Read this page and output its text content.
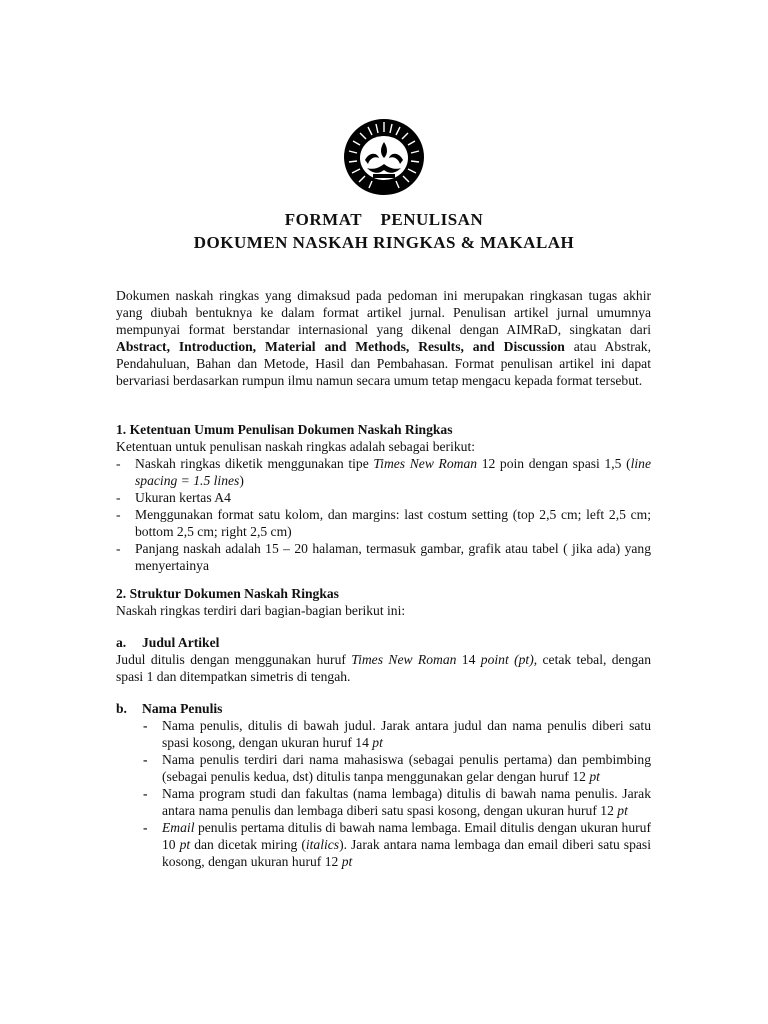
FORMAT PENULISAN
DOKUMEN NASKAH RINGKAS & MAKALAH
Dokumen naskah ringkas yang dimaksud pada pedoman ini merupakan ringkasan tugas akhir yang diubah bentuknya ke dalam format artikel jurnal. Penulisan artikel jurnal umumnya mempunyai format berstandar internasional yang dikenal dengan AIMRaD, singkatan dari Abstract, Introduction, Material and Methods, Results, and Discussion atau Abstrak, Pendahuluan, Bahan dan Metode, Hasil dan Pembahasan. Format penulisan artikel ini dapat bervariasi berdasarkan rumpun ilmu namun secara umum tetap mengacu kepada format tersebut.
1. Ketentuan Umum Penulisan Dokumen Naskah Ringkas
Ketentuan untuk penulisan naskah ringkas adalah sebagai berikut:
- Naskah ringkas diketik menggunakan tipe Times New Roman 12 poin dengan spasi 1,5 (line spacing = 1.5 lines)
- Ukuran kertas A4
- Menggunakan format satu kolom, dan margins: last costum setting (top 2,5 cm; left 2,5 cm; bottom 2,5 cm; right 2,5 cm)
- Panjang naskah adalah 15 – 20 halaman, termasuk gambar, grafik atau tabel ( jika ada) yang menyertainya
2. Struktur Dokumen Naskah Ringkas
Naskah ringkas terdiri dari bagian-bagian berikut ini:
a.	Judul Artikel
Judul ditulis dengan menggunakan huruf Times New Roman 14 point (pt), cetak tebal, dengan spasi 1 dan ditempatkan simetris di tengah.
b.	Nama Penulis
- Nama penulis, ditulis di bawah judul. Jarak antara judul dan nama penulis diberi satu spasi kosong, dengan ukuran huruf 14 pt
- Nama penulis terdiri dari nama mahasiswa (sebagai penulis pertama) dan pembimbing (sebagai penulis kedua, dst) ditulis tanpa menggunakan gelar dengan huruf 12 pt
- Nama program studi dan fakultas (nama lembaga) ditulis di bawah nama penulis. Jarak antara nama penulis dan lembaga diberi satu spasi kosong, dengan ukuran huruf 12 pt
- Email penulis pertama ditulis di bawah nama lembaga. Email ditulis dengan ukuran huruf 10 pt dan dicetak miring (italics). Jarak antara nama lembaga dan email diberi satu spasi kosong, dengan ukuran huruf 12 pt
